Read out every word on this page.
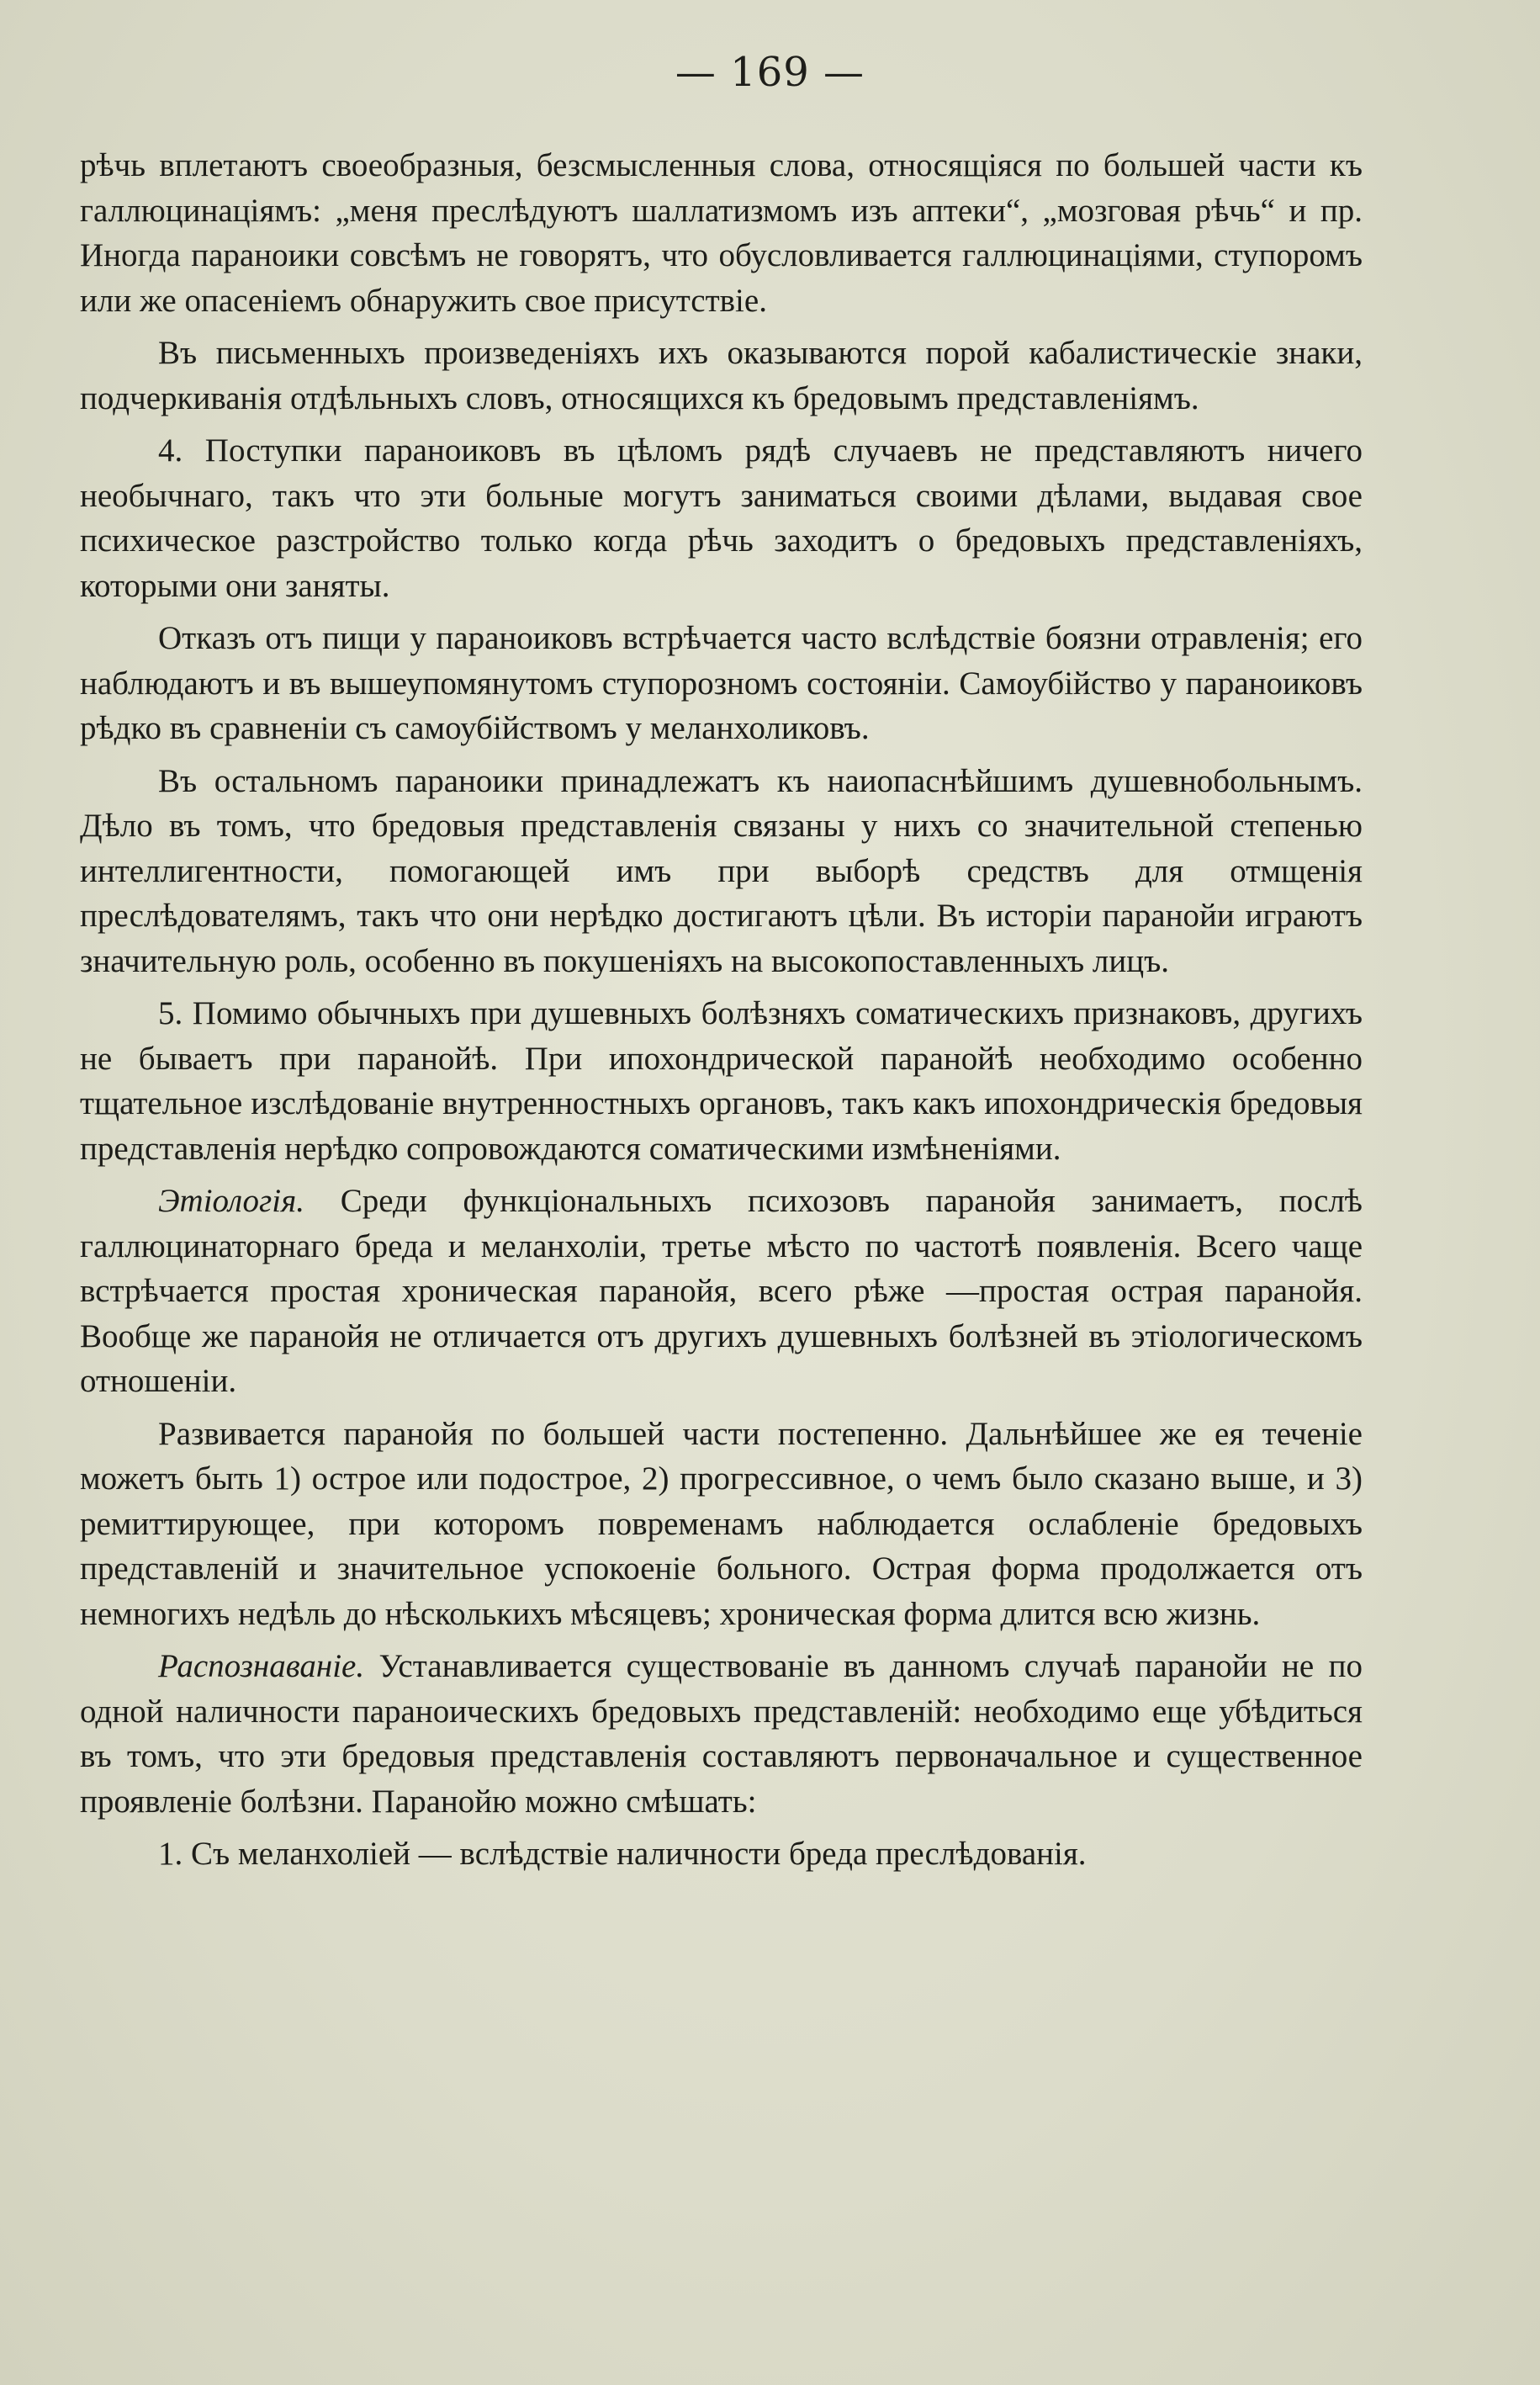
— 169 —

рѣчь вплетаютъ своеобразныя, безсмысленныя слова, относящiяся по большей части къ галлюцинацiямъ: „меня преслѣдуютъ шаллатизмомъ изъ аптеки“, „мозговая рѣчь“ и пр. Иногда параноики совсѣмъ не говорятъ, что обусловливается галлюцинацiями, ступоромъ или же опасенiемъ обнаружить свое присутствiе.

Въ письменныхъ произведенiяхъ ихъ оказываются порой кабалистическiе знаки, подчеркиванiя отдѣльныхъ словъ, относящихся къ бредовымъ представленiямъ.

4. Поступки параноиковъ въ цѣломъ рядѣ случаевъ не представляютъ ничего необычнаго, такъ что эти больные могутъ заниматься своими дѣлами, выдавая свое психическое разстройство только когда рѣчь заходитъ о бредовыхъ представленiяхъ, которыми они заняты.

Отказъ отъ пищи у параноиковъ встрѣчается часто вслѣдствiе боязни отравленiя; его наблюдаютъ и въ вышеупомянутомъ ступорозномъ состоянiи. Самоубiйство у параноиковъ рѣдко въ сравненiи съ самоубiйствомъ у меланхоликовъ.

Въ остальномъ параноики принадлежатъ къ наиопаснѣйшимъ душевнобольнымъ. Дѣло въ томъ, что бредовыя представленiя связаны у нихъ со значительной степенью интеллигентности, помогающей имъ при выборѣ средствъ для отмщенiя преслѣдователямъ, такъ что они нерѣдко достигаютъ цѣли. Въ исторiи паранойи играютъ значительную роль, особенно въ покушенiяхъ на высокопоставленныхъ лицъ.

5. Помимо обычныхъ при душевныхъ болѣзняхъ соматическихъ признаковъ, другихъ не бываетъ при паранойѣ. При ипохондрической паранойѣ необходимо особенно тщательное изслѣдованiе внутренностныхъ органовъ, такъ какъ ипохондрическiя бредовыя представленiя нерѣдко сопровождаются соматическими измѣненiями.

Этiологiя. Среди функцiональныхъ психозовъ паранойя занимаетъ, послѣ галлюцинаторнаго бреда и меланхолiи, третье мѣсто по частотѣ появленiя. Всего чаще встрѣчается простая хроническая паранойя, всего рѣже —простая острая паранойя. Вообще же паранойя не отличается отъ другихъ душевныхъ болѣзней въ этiологическомъ отношенiи.

Развивается паранойя по большей части постепенно. Дальнѣйшее же ея теченiе можетъ быть 1) острое или подострое, 2) прогрессивное, о чемъ было сказано выше, и 3) ремиттирующее, при которомъ повременамъ наблюдается ослабленiе бредовыхъ представленiй и значительное успокоенiе больного. Острая форма продолжается отъ немногихъ недѣль до нѣсколькихъ мѣсяцевъ; хроническая форма длится всю жизнь.

Распознаванiе. Устанавливается существованiе въ данномъ случаѣ паранойи не по одной наличности параноическихъ бредовыхъ представленiй: необходимо еще убѣдиться въ томъ, что эти бредовыя представленiя составляютъ первоначальное и существенное проявленiе болѣзни. Паранойю можно смѣшать:

1. Съ меланхолiей — вслѣдствiе наличности бреда преслѣдованiя.
